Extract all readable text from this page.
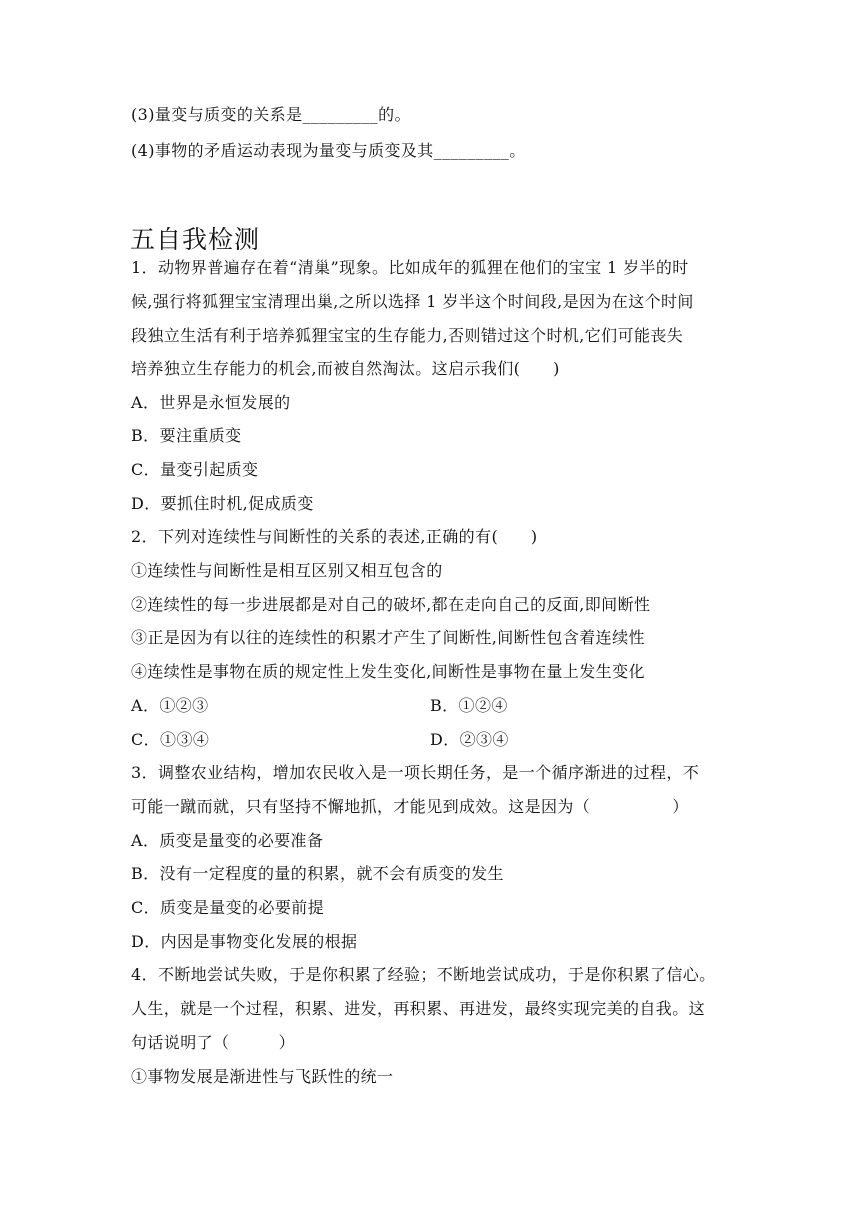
(3)量变与质变的关系是_________的。
(4)事物的矛盾运动表现为量变与质变及其_________。
五自我检测
1．动物界普遍存在着“清巢”现象。比如成年的狐狸在他们的宝宝 1 岁半的时
候,强行将狐狸宝宝清理出巢,之所以选择 1 岁半这个时间段,是因为在这个时间
段独立生活有利于培养狐狸宝宝的生存能力,否则错过这个时机,它们可能丧失
培养独立生存能力的机会,而被自然淘汰。这启示我们(　　)
A．世界是永恒发展的
B．要注重质变
C．量变引起质变
D．要抓住时机,促成质变
2．下列对连续性与间断性的关系的表述,正确的有(　　)
①连续性与间断性是相互区别又相互包含的
②连续性的每一步进展都是对自己的破坏,都在走向自己的反面,即间断性
③正是因为有以往的连续性的积累才产生了间断性,间断性包含着连续性
④连续性是事物在质的规定性上发生变化,间断性是事物在量上发生变化
A．①②③	B．①②④
C．①③④	D．②③④
3．调整农业结构，增加农民收入是一项长期任务，是一个循序渐进的过程，不
可能一蹴而就，只有坚持不懈地抓，才能见到成效。这是因为（　　　　　）
A．质变是量变的必要准备
B．没有一定程度的量的积累，就不会有质变的发生
C．质变是量变的必要前提
D．内因是事物变化发展的根据
4．不断地尝试失败，于是你积累了经验；不断地尝试成功，于是你积累了信心。
人生，就是一个过程，积累、进发，再积累、再进发，最终实现完美的自我。这
句话说明了（　　　）
①事物发展是渐进性与飞跃性的统一
